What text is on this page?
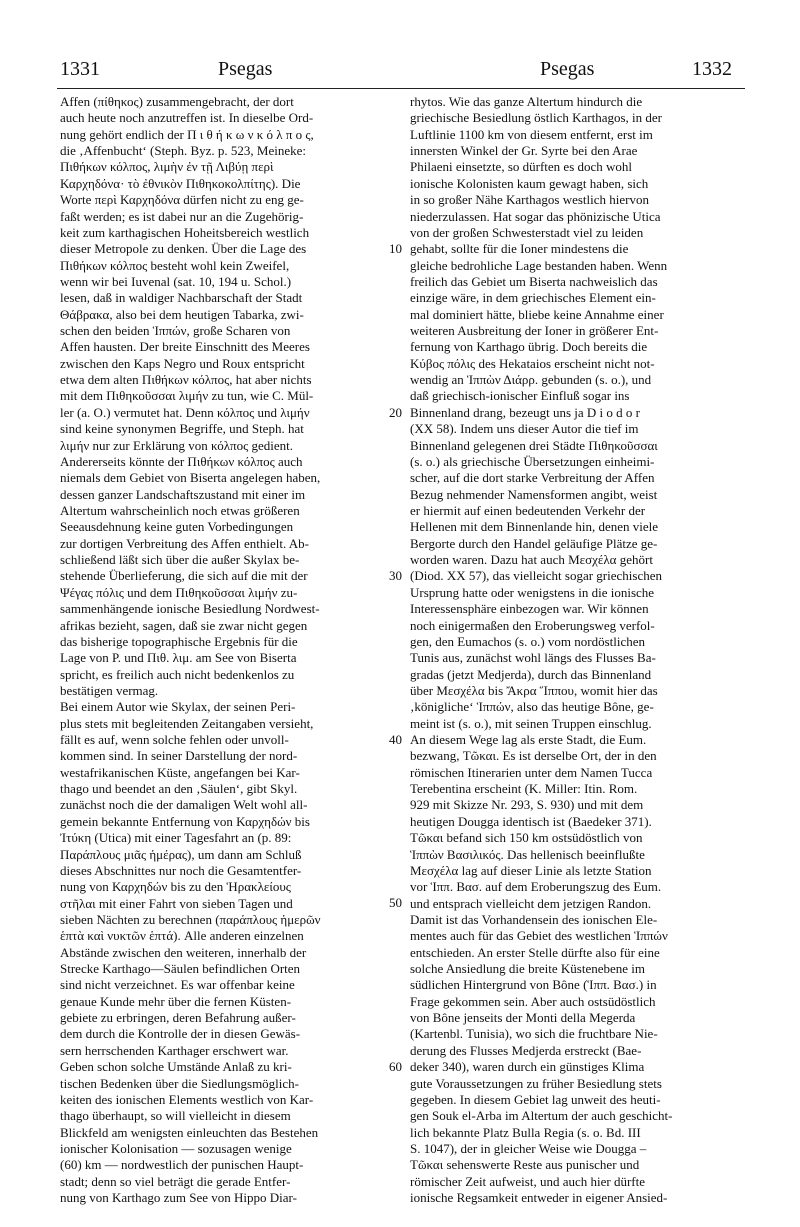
1331	Psegas	Psegas	1332
Affen (πίθηκος) zusammengebracht, der dort
auch heute noch anzutreffen ist. In dieselbe Ord-
nung gehört endlich der Π ι θ ή κ ω ν κ ό λ π ο ς,
die ‚Affenbucht‘ (Steph. Byz. p. 523, Meineke:
Πιθήκων κόλπος, λιμὴν ἐν τῇ Λιβύῃ περὶ
Καρχηδόνα· τὸ ἐθνικὸν Πιθηκοκολπίτης). Die
Worte περὶ Καρχηδόνα dürfen nicht zu eng ge-
faßt werden; es ist dabei nur an die Zugehörig-
keit zum karthagischen Hoheitsbereich westlich
dieser Metropole zu denken. Über die Lage des
Πιθήκων κόλπος besteht wohl kein Zweifel,
wenn wir bei Iuvenal (sat. 10, 194 u. Schol.)
lesen, daß in waldiger Nachbarschaft der Stadt
Θάβρακα, also bei dem heutigen Tabarka, zwi-
schen den beiden Ἱππών, große Scharen von
Affen hausten. Der breite Einschnitt des Meeres
zwischen den Kaps Negro und Roux entspricht
etwa dem alten Πιθήκων κόλπος, hat aber nichts
mit dem Πιθηκοῦσσαι λιμήν zu tun, wie C. Mül-
ler (a. O.) vermutet hat. Denn κόλπος und λιμήν
sind keine synonymen Begriffe, und Steph. hat
λιμήν nur zur Erklärung von κόλπος gedient.
Andererseits könnte der Πιθήκων κόλπος auch
niemals dem Gebiet von Biserta angelegen haben,
dessen ganzer Landschaftszustand mit einer im
Altertum wahrscheinlich noch etwas größeren
Seeausdehnung keine guten Vorbedingungen
zur dortigen Verbreitung des Affen enthielt. Ab-
schließend läßt sich über die außer Skylax be-
stehende Überlieferung, die sich auf die mit der
Ψέγας πόλις und dem Πιθηκοῦσσαι λιμήν zu-
sammenhängende ionische Besiedlung Nordwest-
afrikas bezieht, sagen, daß sie zwar nicht gegen
das bisherige topographische Ergebnis für die
Lage von P. und Πιθ. λιμ. am See von Biserta
spricht, es freilich auch nicht bedenkenlos zu
bestätigen vermag.
Bei einem Autor wie Skylax, der seinen Peri-
plus stets mit begleitenden Zeitangaben versieht,
fällt es auf, wenn solche fehlen oder unvoll-
kommen sind. In seiner Darstellung der nord-
westafrikanischen Küste, angefangen bei Kar-
thago und beendet an den ‚Säulen‘, gibt Skyl.
zunächst noch die der damaligen Welt wohl all-
gemein bekannte Entfernung von Καρχηδών bis
Ἰτύκη (Utica) mit einer Tagesfahrt an (p. 89:
Παράπλους μιᾶς ἡμέρας), um dann am Schluß
dieses Abschnittes nur noch die Gesamtentfer-
nung von Καρχηδών bis zu den Ἡρακλείους
στῆλαι mit einer Fahrt von sieben Tagen und
sieben Nächten zu berechnen (παράπλους ἡμερῶν
ἑπτὰ καὶ νυκτῶν ἑπτά). Alle anderen einzelnen
Abstände zwischen den weiteren, innerhalb der
Strecke Karthago—Säulen befindlichen Orten
sind nicht verzeichnet. Es war offenbar keine
genaue Kunde mehr über die fernen Küsten-
gebiete zu erbringen, deren Befahrung außer-
dem durch die Kontrolle der in diesen Gewäs-
sern herrschenden Karthager erschwert war.
Geben schon solche Umstände Anlaß zu kri-
tischen Bedenken über die Siedlungsmöglich-
keiten des ionischen Elements westlich von Kar-
thago überhaupt, so will vielleicht in diesem
Blickfeld am wenigsten einleuchten das Bestehen
ionischer Kolonisation — sozusagen wenige
(60) km — nordwestlich der punischen Haupt-
stadt; denn so viel beträgt die gerade Entfer-
nung von Karthago zum See von Hippo Diar-
rhytos. Wie das ganze Altertum hindurch die
griechische Besiedlung östlich Karthagos, in der
Luftlinie 1100 km von diesem entfernt, erst im
innersten Winkel der Gr. Syrte bei den Arae
Philaeni einsetzte, so dürften es doch wohl
ionische Kolonisten kaum gewagt haben, sich
in so großer Nähe Karthagos westlich hiervon
niederzulassen. Hat sogar das phönizische Utica
von der großen Schwesterstadt viel zu leiden
gehabt, sollte für die Ioner mindestens die
gleiche bedrohliche Lage bestanden haben. Wenn
freilich das Gebiet um Biserta nachweislich das
einzige wäre, in dem griechisches Element ein-
mal dominiert hätte, bliebe keine Annahme einer
weiteren Ausbreitung der Ioner in größerer Ent-
fernung von Karthago übrig. Doch bereits die
Κύβος πόλις des Hekataios erscheint nicht not-
wendig an Ἱππὼν Διάρρ. gebunden (s. o.), und
daß griechisch-ionischer Einfluß sogar ins
Binnenland drang, bezeugt uns ja D i o d o r
(XX 58). Indem uns dieser Autor die tief im
Binnenland gelegenen drei Städte Πιθηκοῦσσαι
(s. o.) als griechische Übersetzungen einheimi-
scher, auf die dort starke Verbreitung der Affen
Bezug nehmender Namensformen angibt, weist
er hiermit auf einen bedeutenden Verkehr der
Hellenen mit dem Binnenlande hin, denen viele
Bergorte durch den Handel geläufige Plätze ge-
worden waren. Dazu hat auch Μεσχέλα gehört
(Diod. XX 57), das vielleicht sogar griechischen
Ursprung hatte oder wenigstens in die ionische
Interessensphäre einbezogen war. Wir können
noch einigermaßen den Eroberungsweg verfol-
gen, den Eumachos (s. o.) vom nordöstlichen
Tunis aus, zunächst wohl längs des Flusses Ba-
gradas (jetzt Medjerda), durch das Binnenland
über Μεσχέλα bis Ἄκρα Ἵππου, womit hier das
‚königliche‘ Ἱππών, also das heutige Bône, ge-
meint ist (s. o.), mit seinen Truppen einschlug.
An diesem Wege lag als erste Stadt, die Eum.
bezwang, Τῶκαι. Es ist derselbe Ort, der in den
römischen Itinerarien unter dem Namen Tucca
Terebentina erscheint (K. Miller: Itin. Rom.
929 mit Skizze Nr. 293, S. 930) und mit dem
heutigen Dougga identisch ist (Baedeker 371).
Τῶκαι befand sich 150 km ostsüdöstlich von
Ἱππὼν Βασιλικός. Das hellenisch beeinflußte
Μεσχέλα lag auf dieser Linie als letzte Station
vor Ἱππ. Βασ. auf dem Eroberungszug des Eum.
und entsprach vielleicht dem jetzigen Randon.
Damit ist das Vorhandensein des ionischen Ele-
mentes auch für das Gebiet des westlichen Ἱππών
entschieden. An erster Stelle dürfte also für eine
solche Ansiedlung die breite Küstenebene im
südlichen Hintergrund von Bône (Ἱππ. Βασ.) in
Frage gekommen sein. Aber auch ostsüdöstlich
von Bône jenseits der Monti della Megerda
(Kartenbl. Tunisia), wo sich die fruchtbare Nie-
derung des Flusses Medjerda erstreckt (Bae-
deker 340), waren durch ein günstiges Klima
gute Voraussetzungen zu früher Besiedlung stets
gegeben. In diesem Gebiet lag unweit des heuti-
gen Souk el-Arba im Altertum der auch geschicht-
lich bekannte Platz Bulla Regia (s. o. Bd. III
S. 1047), der in gleicher Weise wie Dougga –
Τῶκαι sehenswerte Reste aus punischer und
römischer Zeit aufweist, und auch hier dürfte
ionische Regsamkeit entweder in eigener Ansied-
10
20
30
40
50
60
